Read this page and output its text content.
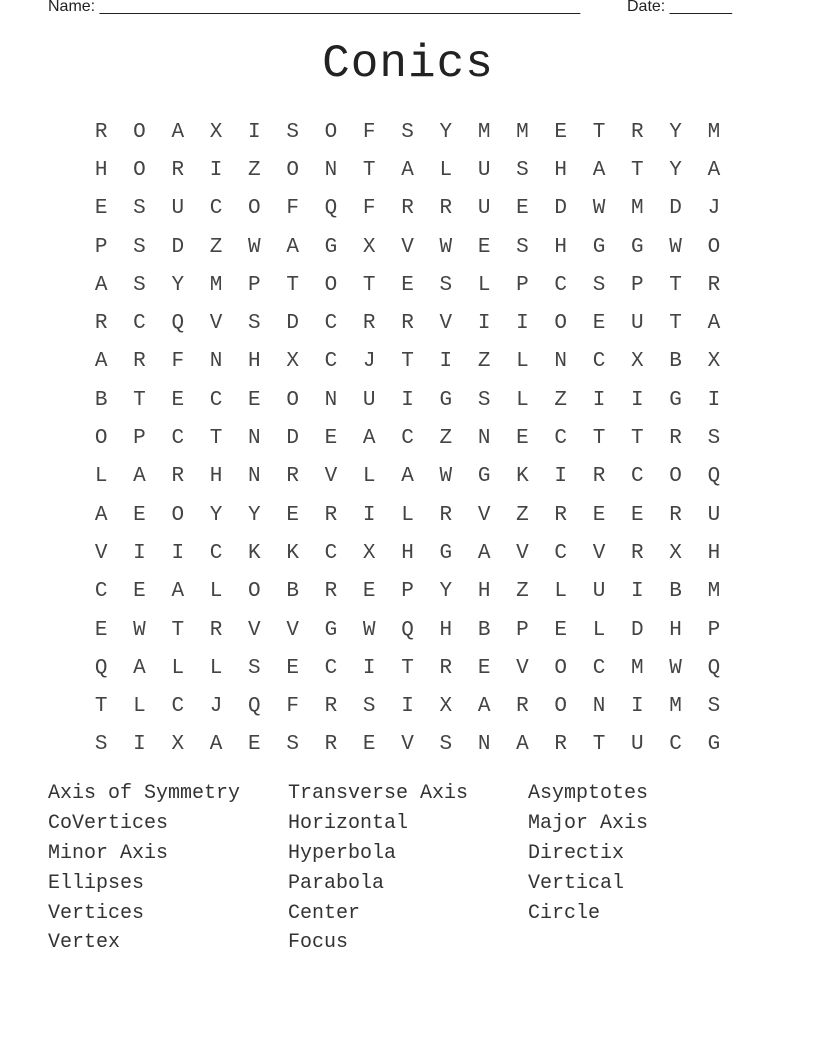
Name: ______________________________________________________	Date: _______
Conics
R	O	A	X	I	S	O	F	S	Y	M	M	E	T	R	Y	M
H	O	R	I	Z	O	N	T	A	L	U	S	H	A	T	Y	A
E	S	U	C	O	F	Q	F	R	R	U	E	D	W	M	D	J
P	S	D	Z	W	A	G	X	V	W	E	S	H	G	G	W	O
A	S	Y	M	P	T	O	T	E	S	L	P	C	S	P	T	R
R	C	Q	V	S	D	C	R	R	V	I	I	O	E	U	T	A
A	R	F	N	H	X	C	J	T	I	Z	L	N	C	X	B	X
B	T	E	C	E	O	N	U	I	G	S	L	Z	I	I	G	I
O	P	C	T	N	D	E	A	C	Z	N	E	C	T	T	R	S
L	A	R	H	N	R	V	L	A	W	G	K	I	R	C	O	Q
A	E	O	Y	Y	E	R	I	L	R	V	Z	R	E	E	R	U
V	I	I	C	K	K	C	X	H	G	A	V	C	V	R	X	H
C	E	A	L	O	B	R	E	P	Y	H	Z	L	U	I	B	M
E	W	T	R	V	V	G	W	Q	H	B	P	E	L	D	H	P
Q	A	L	L	S	E	C	I	T	R	E	V	O	C	M	W	Q
T	L	C	J	Q	F	R	S	I	X	A	R	O	N	I	M	S
S	I	X	A	E	S	R	E	V	S	N	A	R	T	U	C	G
Axis of Symmetry	Transverse Axis	Asymptotes
CoVertices	Horizontal	Major Axis
Minor Axis	Hyperbola	Directix
Ellipses	Parabola	Vertical
Vertices	Center	Circle
Vertex	Focus
